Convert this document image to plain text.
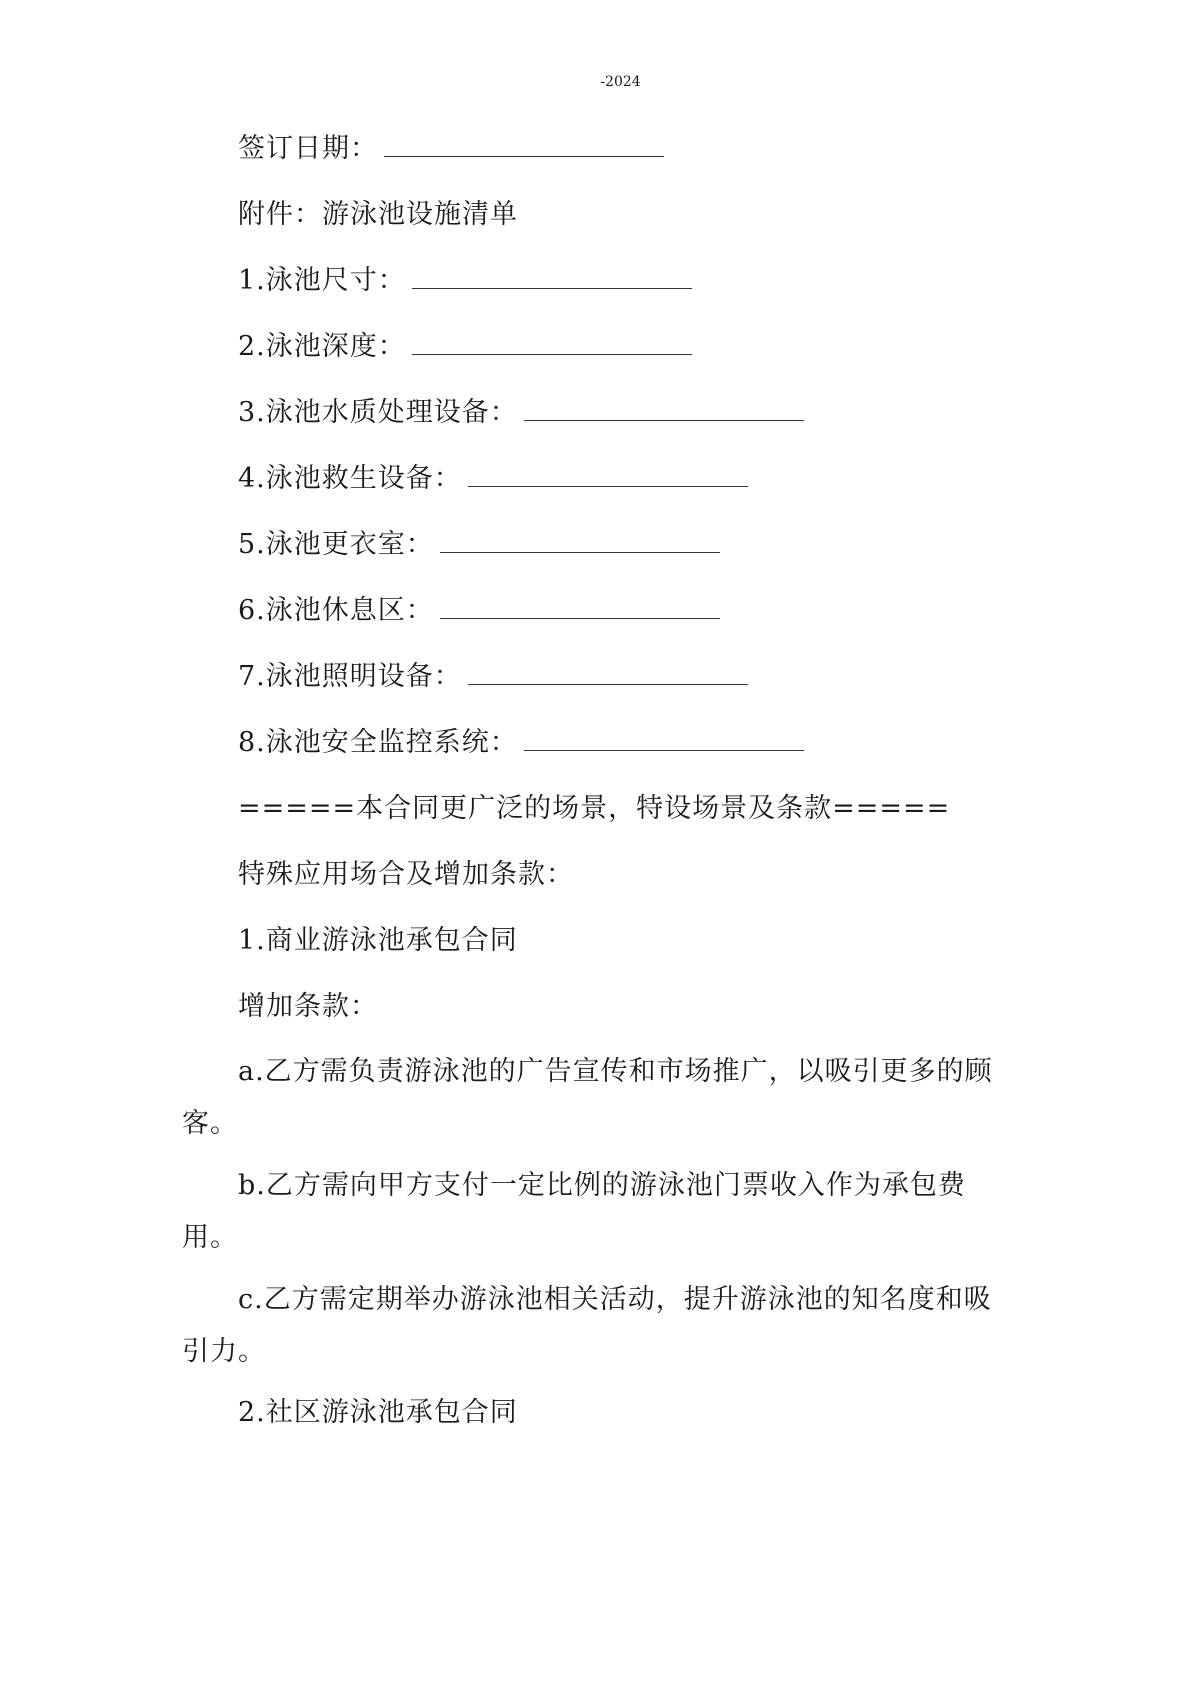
-2024
签订日期：
附件：游泳池设施清单
1.泳池尺寸：
2.泳池深度：
3.泳池水质处理设备：
4.泳池救生设备：
5.泳池更衣室：
6.泳池休息区：
7.泳池照明设备：
8.泳池安全监控系统：
=====本合同更广泛的场景，特设场景及条款=====
特殊应用场合及增加条款：
1.商业游泳池承包合同
增加条款：
a.乙方需负责游泳池的广告宣传和市场推广，以吸引更多的顾客。
b.乙方需向甲方支付一定比例的游泳池门票收入作为承包费用。
c.乙方需定期举办游泳池相关活动，提升游泳池的知名度和吸引力。
2.社区游泳池承包合同
